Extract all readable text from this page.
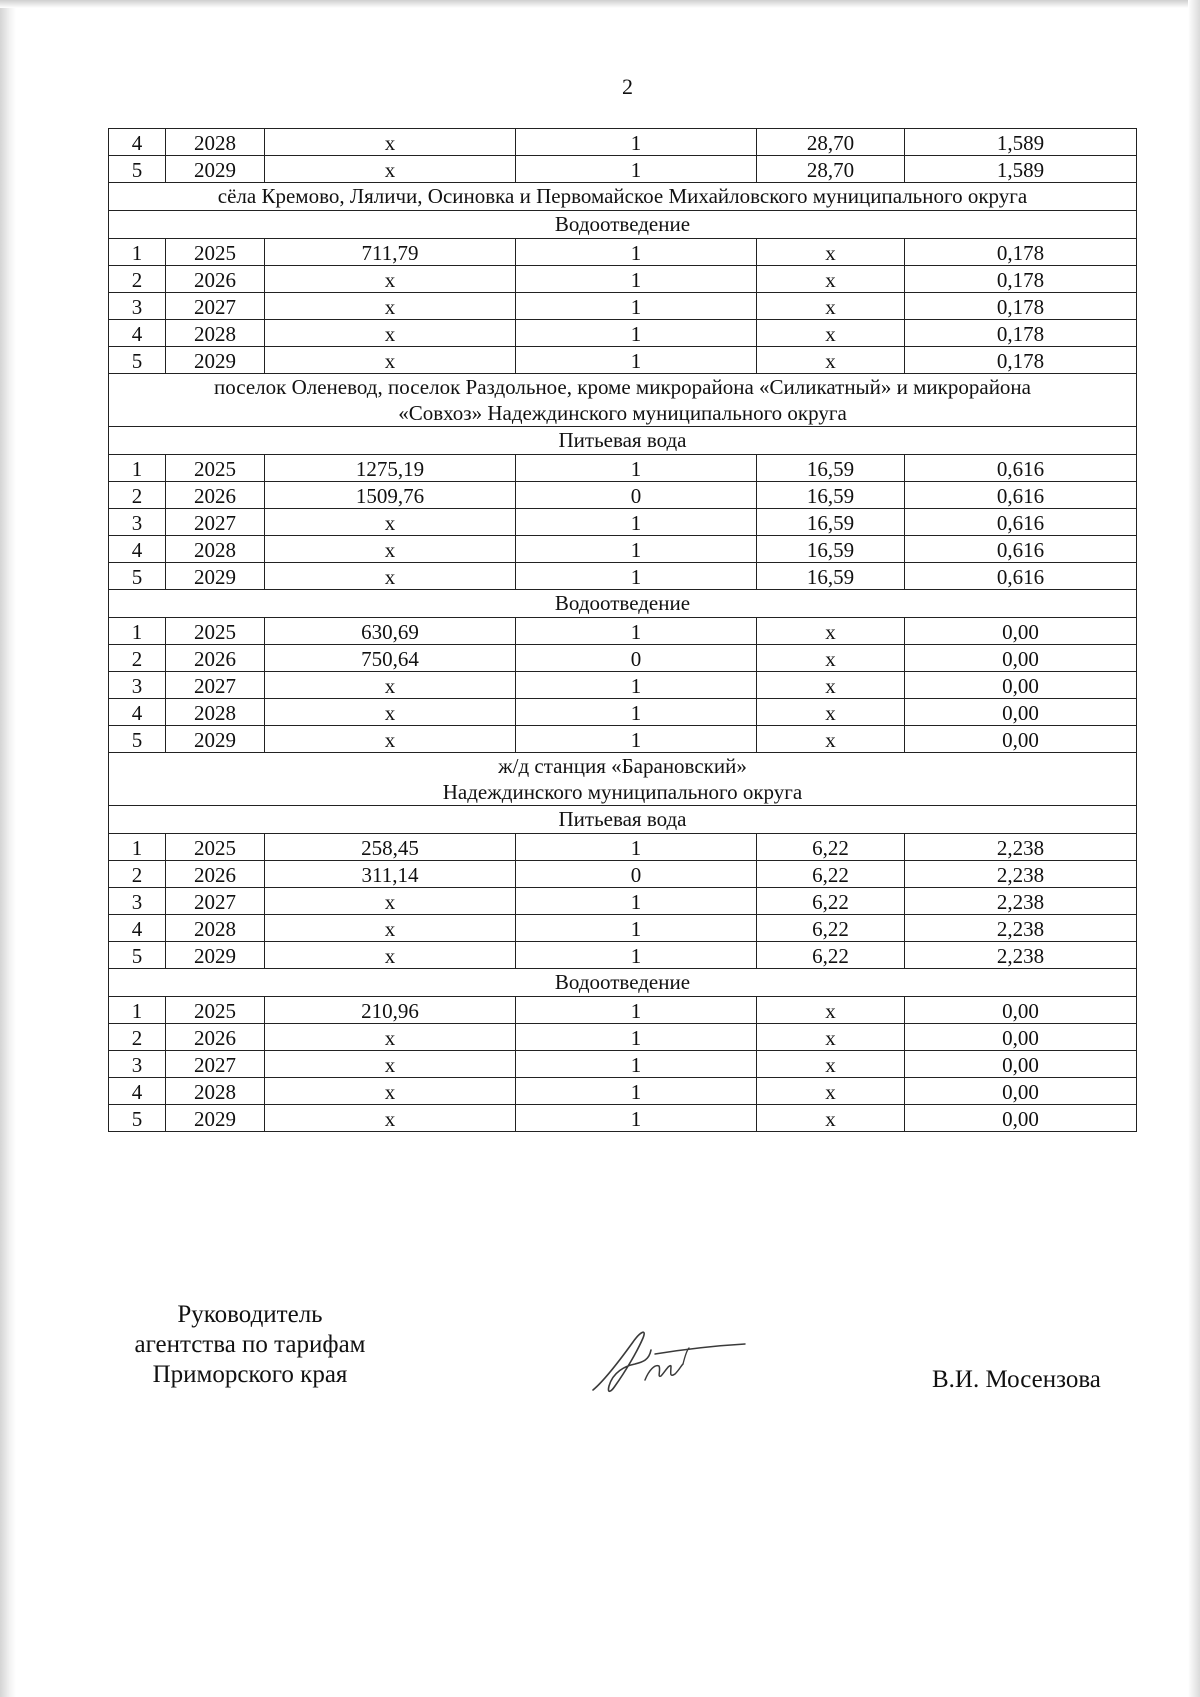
2
4	2028	x	1	28,70	1,589
5	2029	x	1	28,70	1,589

сёла Кремово, Ляличи, Осиновка и Первомайское Михайловского муниципального округа					

Водоотведение					

1	2025	711,79	1	x	0,178
2	2026	x	1	x	0,178
3	2027	x	1	x	0,178
4	2028	x	1	x	0,178
5	2029	x	1	x	0,178

поселок Оленевод, поселок Раздольное, кроме микрорайона «Силикатный» и микрорайона
«Совхоз» Надеждинского муниципального округа					

Питьевая вода					

1	2025	1275,19	1	16,59	0,616
2	2026	1509,76	0	16,59	0,616
3	2027	x	1	16,59	0,616
4	2028	x	1	16,59	0,616
5	2029	x	1	16,59	0,616

Водоотведение					

1	2025	630,69	1	x	0,00
2	2026	750,64	0	x	0,00
3	2027	x	1	x	0,00
4	2028	x	1	x	0,00
5	2029	x	1	x	0,00

ж/д станция «Барановский»
Надеждинского муниципального округа					

Питьевая вода					

1	2025	258,45	1	6,22	2,238
2	2026	311,14	0	6,22	2,238
3	2027	x	1	6,22	2,238
4	2028	x	1	6,22	2,238
5	2029	x	1	6,22	2,238

Водоотведение					

1	2025	210,96	1	x	0,00
2	2026	x	1	x	0,00
3	2027	x	1	x	0,00
4	2028	x	1	x	0,00
5	2029	x	1	x	0,00
Руководитель
агентства по тарифам
Приморского края	В.И. Мосензова
